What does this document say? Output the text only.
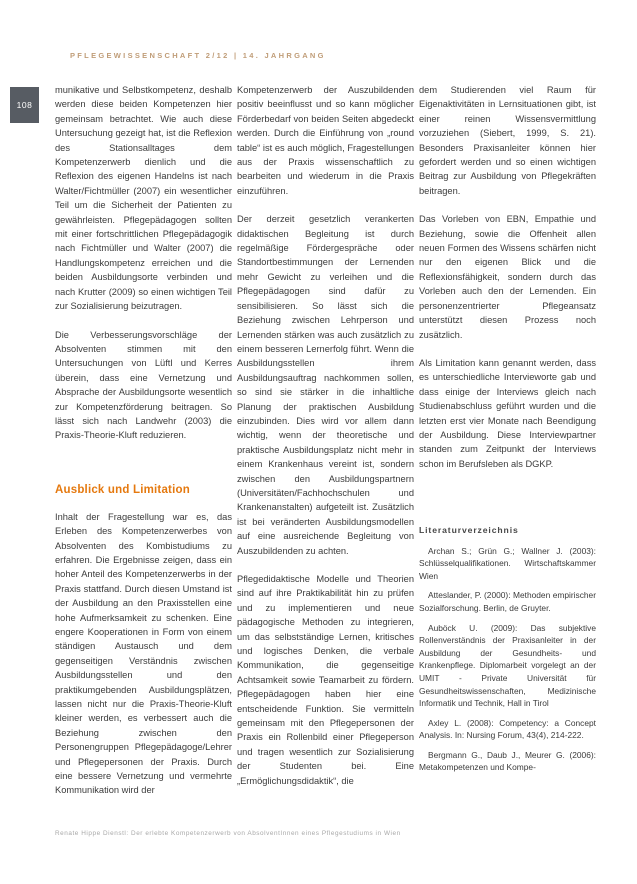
PFLEGEWISSENSCHAFT 2/12 | 14. JAHRGANG
108

munikative und Selbstkompetenz, deshalb werden diese beiden Kompetenzen hier gemeinsam betrachtet. Wie auch diese Untersuchung gezeigt hat, ist die Reflexion des Stationsalltages dem Kompetenzerwerb dienlich und die Reflexion des eigenen Handelns ist nach Walter/Fichtmüller (2007) ein wesentlicher Teil um die Sicherheit der Patienten zu gewährleisten. Pflegepädagogen sollten mit einer fortschrittlichen Pflegepädagogik nach Fichtmüller und Walter (2007) die Handlungskompetenz erreichen und die beiden Ausbildungsorte verbinden und nach Krutter (2009) so einen wichtigen Teil zur Sozialisierung beizutragen.

Die Verbesserungsvorschläge der Absolventen stimmen mit den Untersuchungen von Lüftl und Kerres überein, dass eine Vernetzung und Absprache der Ausbildungsorte wesentlich zur Kompetenzförderung beitragen. So lässt sich nach Landwehr (2003) die Praxis-Theorie-Kluft reduzieren.

Ausblick und Limitation

Inhalt der Fragestellung war es, das Erleben des Kompetenzerwerbes von Absolventen des Kombistudiums zu erfahren. Die Ergebnisse zeigen, dass ein hoher Anteil des Kompetenzerwerbs in der Praxis stattfand. Durch diesen Umstand ist der Ausbildung an den Praxisstellen eine hohe Aufmerksamkeit zu schenken. Eine engere Kooperationen in Form von einem ständigen Austausch und dem gegenseitigen Verständnis zwischen Ausbildungsstellen und den praktikumgebenden Ausbildungsplätzen, lassen nicht nur die Praxis-Theorie-Kluft kleiner werden, es verbessert auch die Beziehung zwischen den Personengruppen Pflegepädagoge/Lehrer und Pflegepersonen der Praxis. Durch eine bessere Vernetzung und vermehrte Kommunikation wird der

Kompetenzerwerb der Auszubildenden positiv beeinflusst und so kann möglicher Förderbedarf von beiden Seiten abgedeckt werden. Durch die Einführung von „round table“ ist es auch möglich, Fragestellungen aus der Praxis wissenschaftlich zu bearbeiten und wiederum in die Praxis einzuführen.

Der derzeit gesetzlich verankerten didaktischen Begleitung ist durch regelmäßige Fördergespräche oder Standortbestimmungen der Lernenden mehr Gewicht zu verleihen und die Pflegepädagogen sind dafür zu sensibilisieren. So lässt sich die Beziehung zwischen Lehrperson und Lernenden stärken was auch zusätzlich zu einem besseren Lernerfolg führt. Wenn die Ausbildungsstellen ihrem Ausbildungsauftrag nachkommen sollen, so sind sie stärker in die inhaltliche Planung der praktischen Ausbildung einzubinden. Dies wird vor allem dann wichtig, wenn der theoretische und praktische Ausbildungsplatz nicht mehr in einem Krankenhaus vereint ist, sondern zwischen den Ausbildungspartnern (Universitäten/Fachhochschulen und Krankenanstalten) aufgeteilt ist. Zusätzlich ist bei veränderten Ausbildungsmodellen auf eine ausreichende Begleitung von Auszubildenden zu achten.

Pflegedidaktische Modelle und Theorien sind auf ihre Praktikabilität hin zu prüfen und zu implementieren und neue pädagogische Methoden zu integrieren, um das selbstständige Lernen, kritisches und logisches Denken, die verbale Kommunikation, die gegenseitige Achtsamkeit sowie Teamarbeit zu fördern. Pflegepädagogen haben hier eine entscheidende Funktion. Sie vermitteln gemeinsam mit den Pflegepersonen der Praxis ein Rollenbild einer Pflegeperson und tragen wesentlich zur Sozialisierung der Studenten bei. Eine „Ermöglichungsdidaktik“, die

dem Studierenden viel Raum für Eigenaktivitäten in Lernsituationen gibt, ist einer reinen Wissensvermittlung vorzuziehen (Siebert, 1999, S. 21). Besonders Praxisanleiter können hier gefordert werden und so einen wichtigen Beitrag zur Ausbildung von Pflegekräften beitragen.

Das Vorleben von EBN, Empathie und Beziehung, sowie die Offenheit allen neuen Formen des Wissens schärfen nicht nur den eigenen Blick und die Reflexionsfähigkeit, sondern durch das Vorleben auch den der Lernenden. Ein personenzentrierter Pflegeansatz unterstützt diesen Prozess noch zusätzlich.

Als Limitation kann genannt werden, dass es unterschiedliche Intervieworte gab und dass einige der Interviews gleich nach Studienabschluss geführt wurden und die letzten erst vier Monate nach Beendigung der Ausbildung. Diese Interviewpartner standen zum Zeitpunkt der Interviews schon im Berufsleben als DGKP.

Literaturverzeichnis

Archan S.; Grün G.; Wallner J. (2003): Schlüsselqualifikationen. Wirtschaftskammer Wien

Atteslander, P. (2000): Methoden empirischer Sozialforschung. Berlin, de Gruyter.

Auböck U. (2009): Das subjektive Rollenverständnis der Praxisanleiter in der Ausbildung der Gesundheits- und Krankenpflege. Diplomarbeit vorgelegt an der UMIT - Private Universität für Gesundheitswissenschaften, Medizinische Informatik und Technik, Hall in Tirol

Axley L. (2008): Competency: a Concept Analysis. In: Nursing Forum, 43(4), 214-222.

Bergmann G., Daub J., Meurer G. (2006): Metakompetenzen und Kompe-

Renate Hippe Dienstl: Der erlebte Kompetenzerwerb von AbsolventInnen eines Pflegestudiums in Wien
